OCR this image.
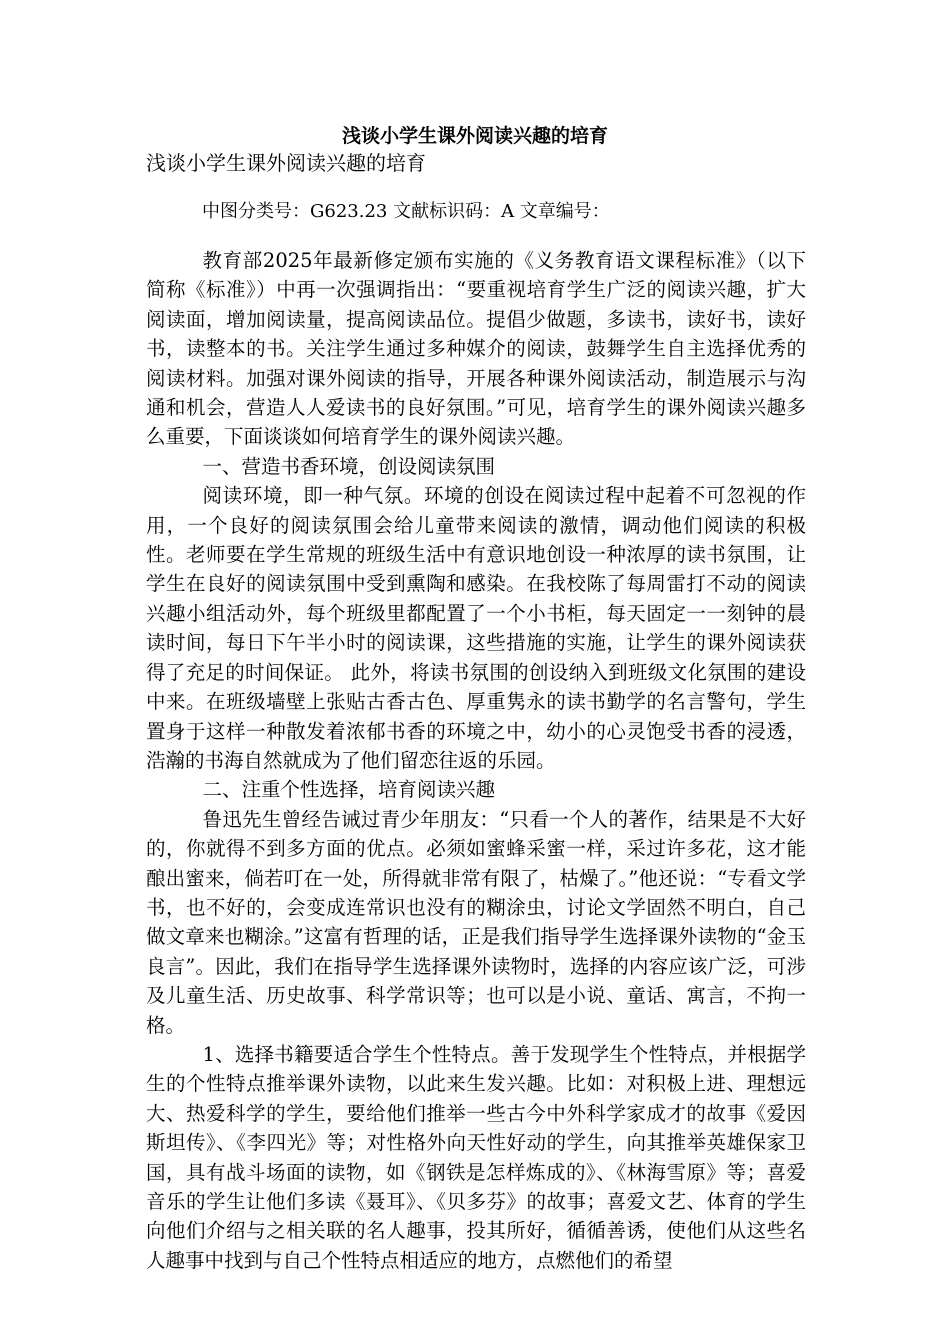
浅谈小学生课外阅读兴趣的培育
浅谈小学生课外阅读兴趣的培育
中图分类号：G623.23 文献标识码：A 文章编号：

教育部2025年最新修定颁布实施的《义务教育语文课程标准》（以下简称《标准》）中再一次强调指出：“要重视培育学生广泛的阅读兴趣，扩大阅读面，增加阅读量，提高阅读品位。提倡少做题，多读书，读好书，读好书，读整本的书。关注学生通过多种媒介的阅读，鼓舞学生自主选择优秀的阅读材料。加强对课外阅读的指导，开展各种课外阅读活动，制造展示与沟通和机会，营造人人爱读书的良好氛围。”可见，培育学生的课外阅读兴趣多么重要，下面谈谈如何培育学生的课外阅读兴趣。

一、营造书香环境，创设阅读氛围

阅读环境，即一种气氛。环境的创设在阅读过程中起着不可忽视的作用，一个良好的阅读氛围会给儿童带来阅读的激情，调动他们阅读的积极性。老师要在学生常规的班级生活中有意识地创设一种浓厚的读书氛围，让学生在良好的阅读氛围中受到熏陶和感染。在我校陈了每周雷打不动的阅读兴趣小组活动外，每个班级里都配置了一个小书柜，每天固定一一刻钟的晨读时间，每日下午半小时的阅读课，这些措施的实施，让学生的课外阅读获得了充足的时间保证。 此外，将读书氛围的创设纳入到班级文化氛围的建设中来。在班级墙壁上张贴古香古色、厚重隽永的读书勤学的名言警句，学生置身于这样一种散发着浓郁书香的环境之中，幼小的心灵饱受书香的浸透，浩瀚的书海自然就成为了他们留恋往返的乐园。

二、注重个性选择，培育阅读兴趣

鲁迅先生曾经告诫过青少年朋友：“只看一个人的著作，结果是不大好的，你就得不到多方面的优点。必须如蜜蜂采蜜一样，采过许多花，这才能酿出蜜来，倘若叮在一处，所得就非常有限了，枯燥了。”他还说：“专看文学书，也不好的，会变成连常识也没有的糊涂虫，讨论文学固然不明白，自己做文章来也糊涂。”这富有哲理的话，正是我们指导学生选择课外读物的“金玉良言”。因此，我们在指导学生选择课外读物时，选择的内容应该广泛，可涉及儿童生活、历史故事、科学常识等；也可以是小说、童话、寓言，不拘一格。

1、选择书籍要适合学生个性特点。善于发现学生个性特点，并根据学生的个性特点推举课外读物，以此来生发兴趣。比如：对积极上进、理想远大、热爱科学的学生，要给他们推举一些古今中外科学家成才的故事《爱因斯坦传》、《李四光》等；对性格外向天性好动的学生，向其推举英雄保家卫国，具有战斗场面的读物，如《钢铁是怎样炼成的》、《林海雪原》等；喜爱音乐的学生让他们多读《聂耳》、《贝多芬》的故事；喜爱文艺、体育的学生向他们介绍与之相关联的名人趣事，投其所好，循循善诱，使他们从这些名人趣事中找到与自己个性特点相适应的地方，点燃他们的希望
